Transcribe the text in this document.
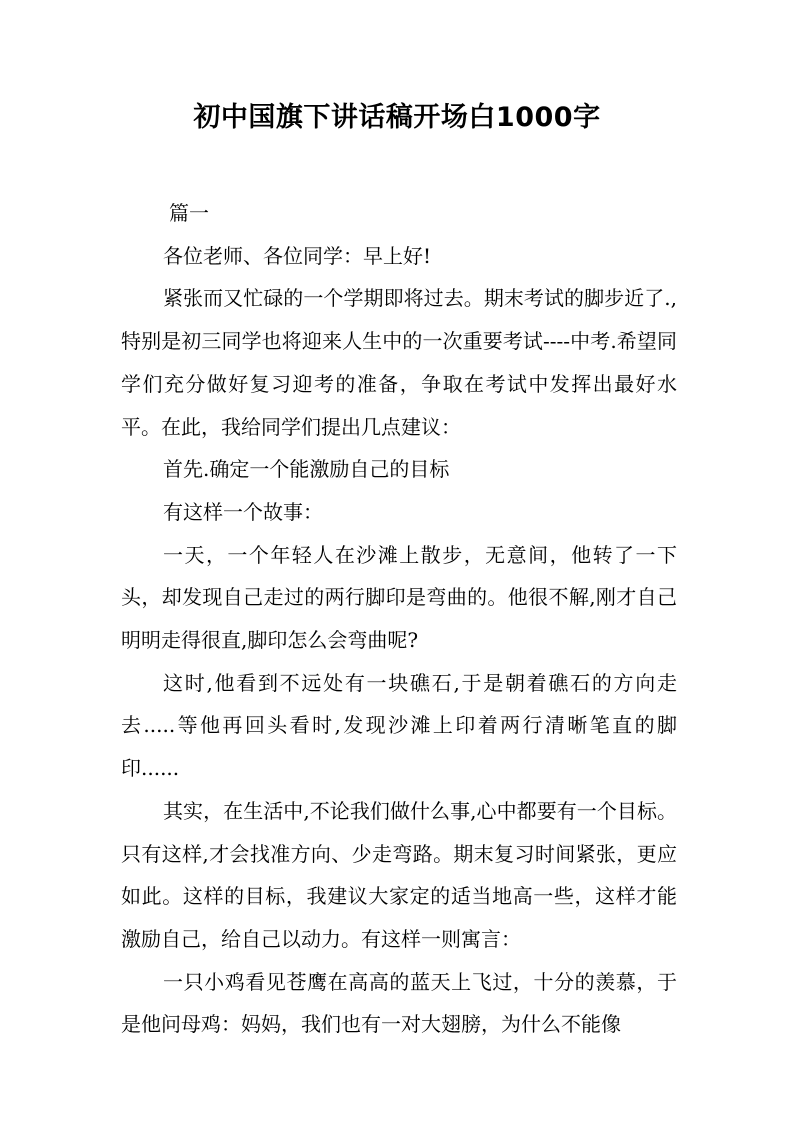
初中国旗下讲话稿开场白1000字

篇一

各位老师、各位同学：早上好!

紧张而又忙碌的一个学期即将过去。期末考试的脚步近了.,特别是初三同学也将迎来人生中的一次重要考试----中考.希望同学们充分做好复习迎考的准备，争取在考试中发挥出最好水平。在此，我给同学们提出几点建议：

首先.确定一个能激励自己的目标

有这样一个故事：

一天，一个年轻人在沙滩上散步，无意间，他转了一下头，却发现自己走过的两行脚印是弯曲的。他很不解,刚才自己明明走得很直,脚印怎么会弯曲呢?

这时,他看到不远处有一块礁石,于是朝着礁石的方向走去.....等他再回头看时,发现沙滩上印着两行清晰笔直的脚印......

其实，在生活中,不论我们做什么事,心中都要有一个目标。只有这样,才会找准方向、少走弯路。期末复习时间紧张，更应如此。这样的目标，我建议大家定的适当地高一些，这样才能激励自己，给自己以动力。有这样一则寓言：

一只小鸡看见苍鹰在高高的蓝天上飞过，十分的羡慕，于是他问母鸡：妈妈，我们也有一对大翅膀，为什么不能像
